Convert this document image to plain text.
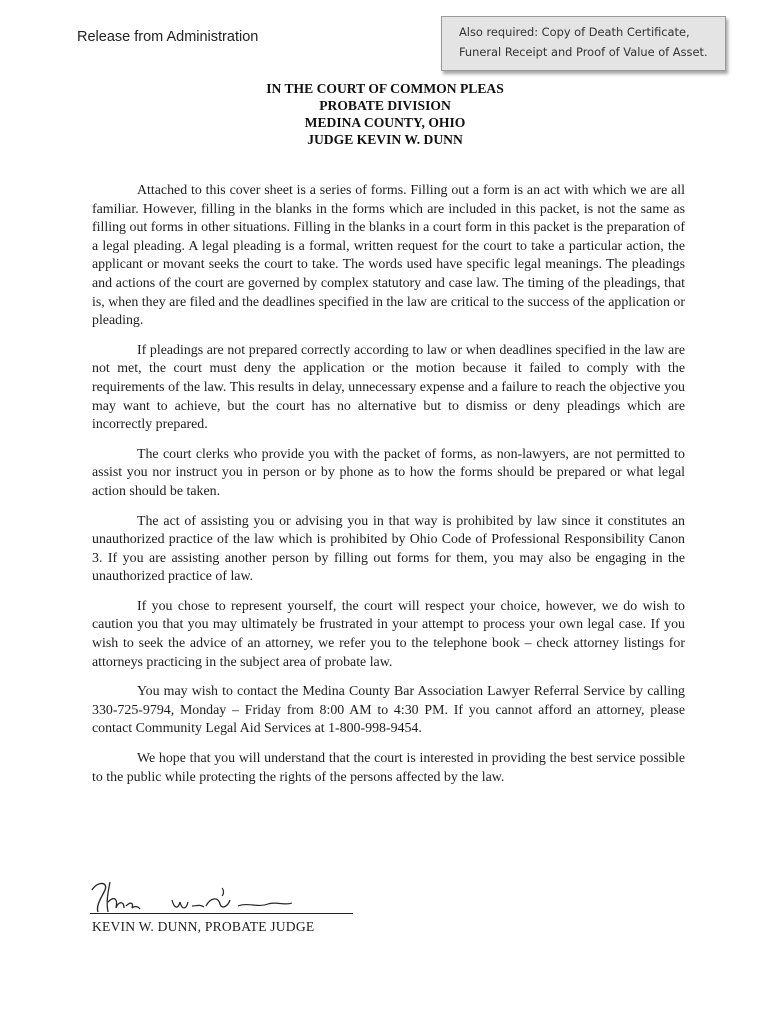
Release from Administration	Also required: Copy of Death Certificate,
Funeral Receipt and Proof of Value of Asset.
IN THE COURT OF COMMON PLEAS
PROBATE DIVISION
MEDINA COUNTY, OHIO
JUDGE KEVIN W. DUNN

Attached to this cover sheet is a series of forms. Filling out a form is an act with which we are all familiar. However, filling in the blanks in the forms which are included in this packet, is not the same as filling out forms in other situations. Filling in the blanks in a court form in this packet is the preparation of a legal pleading. A legal pleading is a formal, written request for the court to take a particular action, the applicant or movant seeks the court to take. The words used have specific legal meanings. The pleadings and actions of the court are governed by complex statutory and case law. The timing of the pleadings, that is, when they are filed and the deadlines specified in the law are critical to the success of the application or pleading.

If pleadings are not prepared correctly according to law or when deadlines specified in the law are not met, the court must deny the application or the motion because it failed to comply with the requirements of the law. This results in delay, unnecessary expense and a failure to reach the objective you may want to achieve, but the court has no alternative but to dismiss or deny pleadings which are incorrectly prepared.

The court clerks who provide you with the packet of forms, as non-lawyers, are not permitted to assist you nor instruct you in person or by phone as to how the forms should be prepared or what legal action should be taken.

The act of assisting you or advising you in that way is prohibited by law since it constitutes an unauthorized practice of the law which is prohibited by Ohio Code of Professional Responsibility Canon 3. If you are assisting another person by filling out forms for them, you may also be engaging in the unauthorized practice of law.

If you chose to represent yourself, the court will respect your choice, however, we do wish to caution you that you may ultimately be frustrated in your attempt to process your own legal case. If you wish to seek the advice of an attorney, we refer you to the telephone book – check attorney listings for attorneys practicing in the subject area of probate law.

You may wish to contact the Medina County Bar Association Lawyer Referral Service by calling 330-725-9794, Monday – Friday from 8:00 AM to 4:30 PM. If you cannot afford an attorney, please contact Community Legal Aid Services at 1-800-998-9454.

We hope that you will understand that the court is interested in providing the best service possible to the public while protecting the rights of the persons affected by the law.

KEVIN W. DUNN, PROBATE JUDGE
